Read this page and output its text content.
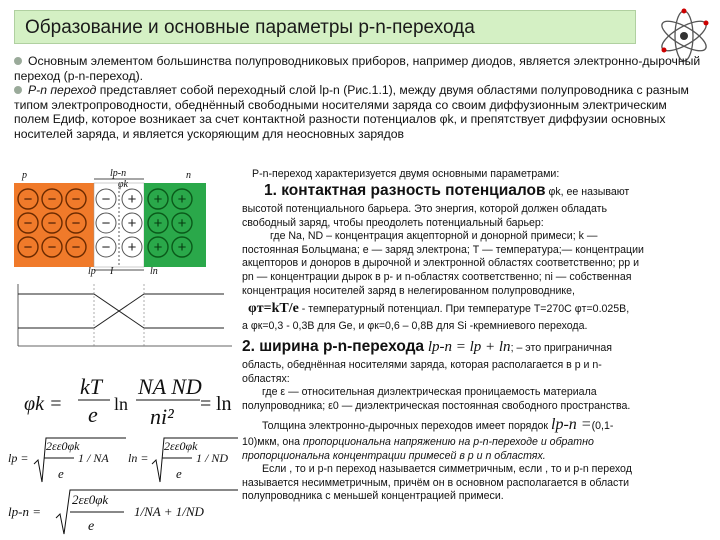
Образование и основные параметры p-n-перехода

Основным элементом большинства полупроводниковых приборов, например диодов, является электронно-дырочный переход (p-n-переход).

P-n переход представляет собой переходный слой lp-n (Рис.1.1), между двумя областями полупроводника с разным типом электропроводности, обеднённый свободными носителями заряда со своим диффузионным электрическим полем Eдиф, которое возникает за счет контактной разности потенциалов φk, и препятствует диффузии основных носителей заряда, и является ускоряющим для неосновных зарядов

− − −
− − −
− − −
−
−
−
+
+
+
+ +
+ +
+ +
p	n
lp-n
φk
lp	ln
I
φk =
kT
e ln
NA ND
ni² = ln
lp =
2εε0φk
e
1 / NA ln =
2εε0φk
e
1 / ND
lp-n =
2εε0φk
e
1/NA + 1/ND
P-n-переход характеризуется двумя основными параметрами:
1. контактная разность потенциалов φk, ее называют
высотой потенциального барьера. Это энергия, которой должен обладать
свободный заряд, чтобы преодолеть потенциальный барьер:
где Nа, ND – концентрация акцепторной и донорной примеси; k —
постоянная Больцмана; е — заряд электрона; Т — температура;— концентрации
акцепторов и доноров в дырочной и электронной областях соответственно; pp и
pn — концентрации дырок в р- и n-областях соответственно; ni — собственная
концентрация носителей заряд в нелегированном полупроводнике,
φт=kT/e - температурный потенциал. При температуре T=270C φт=0.025B,
а φк=0,3 - 0,3В для Ge, и φк=0,6 – 0,8В для Si -кремниевого перехода.
2. ширина p-n-перехода lp-n = lp + ln; – это приграничная
область, обеднённая носителями заряда, которая располагается в р и n-
областях:
где ε — относительная диэлектрическая проницаемость материала
полупроводника; ε0 — диэлектрическая постоянная свободного пространства.
Толщина электронно-дырочных переходов имеет порядок lp-n =(0,1-
10)мкм, она пропорциональна напряжению на p-n-переходе и обратно
пропорциональна концентрации примесей в p и n областях.
Если , то и p-n переход называется симметричным, если , то и p-n переход
называется несимметричным, причём он в основном располагается в области
полупроводника с меньшей концентрацией примеси.
